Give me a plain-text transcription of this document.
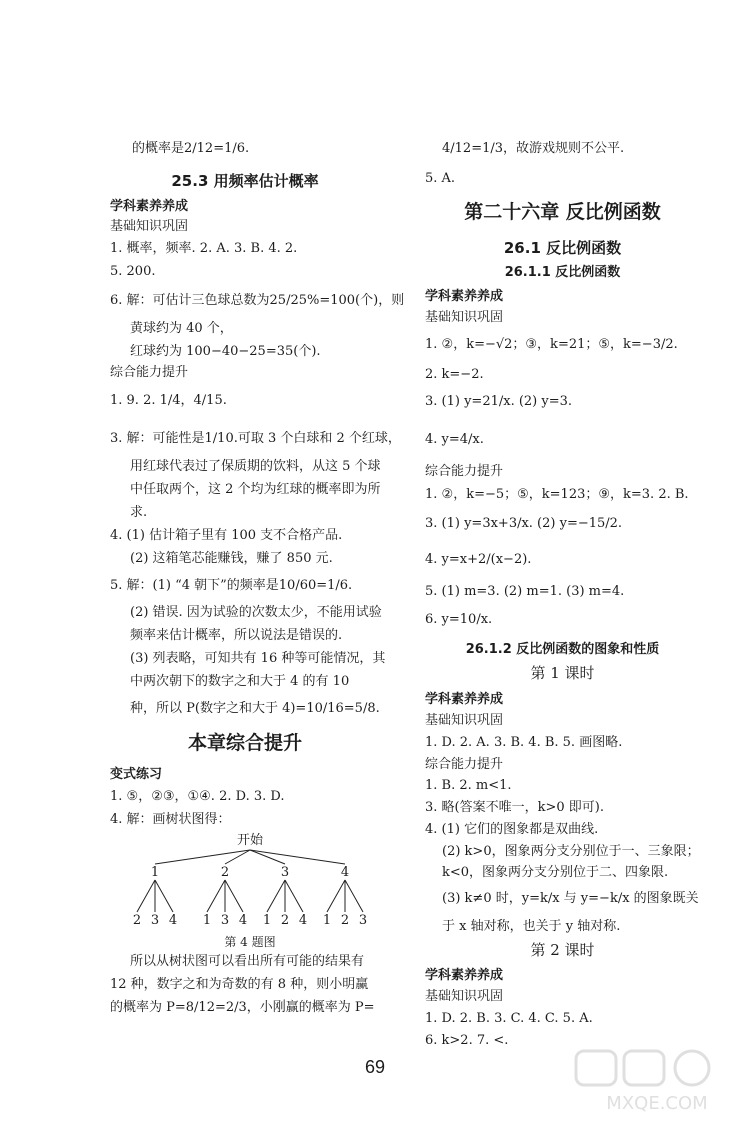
的概率是2/12=1/6.
25.3 用频率估计概率
学科素养养成
基础知识巩固
1. 概率，频率. 2. A. 3. B. 4. 2.
5. 200.
6. 解：可估计三色球总数为25/25%=100(个)，则
黄球约为 40 个，
红球约为 100−40−25=35(个).
综合能力提升
1. 9. 2. 1/4，4/15.
3. 解：可能性是1/10.可取 3 个白球和 2 个红球，
用红球代表过了保质期的饮料，从这 5 个球
中任取两个，这 2 个均为红球的概率即为所
求.
4. (1) 估计箱子里有 100 支不合格产品.
(2) 这箱笔芯能赚钱，赚了 850 元.
5. 解：(1) “4 朝下”的频率是10/60=1/6.
(2) 错误. 因为试验的次数太少，不能用试验
频率来估计概率，所以说法是错误的.
(3) 列表略，可知共有 16 种等可能情况，其
中两次朝下的数字之和大于 4 的有 10
种，所以 P(数字之和大于 4)=10/16=5/8.
本章综合提升
变式练习
1. ⑤，②③，①④. 2. D. 3. D.
4. 解：画树状图得：
开始
1
2 3 4
2
1 3 4
3
1 2 4
4
1 2 3
第 4 题图
所以从树状图可以看出所有可能的结果有
12 种，数字之和为奇数的有 8 种，则小明赢
的概率为 P=8/12=2/3，小刚赢的概率为 P=
4/12=1/3，故游戏规则不公平.
5. A.
第二十六章 反比例函数
26.1 反比例函数
26.1.1 反比例函数
学科素养养成
基础知识巩固
1. ②，k=−√2；③，k=21；⑤，k=−3/2.
2. k=−2.
3. (1) y=21/x. (2) y=3.
4. y=4/x.
综合能力提升
1. ②，k=−5；⑤，k=123；⑨，k=3. 2. B.
3. (1) y=3x+3/x. (2) y=−15/2.
4. y=x+2/(x−2).
5. (1) m=3. (2) m=1. (3) m=4.
6. y=10/x.
26.1.2 反比例函数的图象和性质
第 1 课时
学科素养养成
基础知识巩固
1. D. 2. A. 3. B. 4. B. 5. 画图略.
综合能力提升
1. B. 2. m<1.
3. 略(答案不唯一，k>0 即可).
4. (1) 它们的图象都是双曲线.
(2) k>0，图象两分支分别位于一、三象限；
k<0，图象两分支分别位于二、四象限.
(3) k≠0 时，y=k/x 与 y=−k/x 的图象既关
于 x 轴对称，也关于 y 轴对称.
第 2 课时
学科素养养成
基础知识巩固
1. D. 2. B. 3. C. 4. C. 5. A.
6. k>2. 7. <.
69
MXQE.COM
